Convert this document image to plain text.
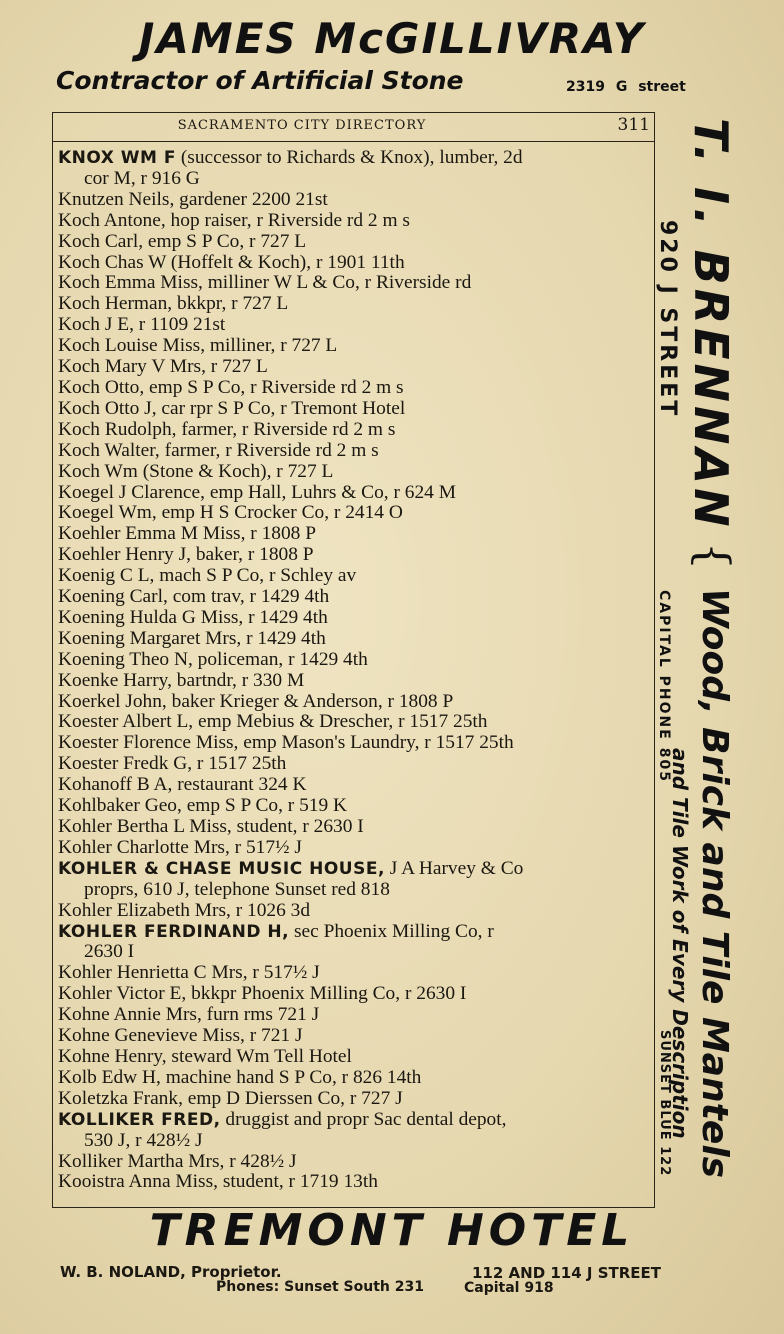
JAMES McGILLIVRAY
Contractor of Artificial Stone	2319 G street
SACRAMENTO CITY DIRECTORY	311
KNOX WM F (successor to Richards & Knox), lumber, 2d
cor M, r 916 G
Knutzen Neils, gardener 2200 21st
Koch Antone, hop raiser, r Riverside rd 2 m s
Koch Carl, emp S P Co, r 727 L
Koch Chas W (Hoffelt & Koch), r 1901 11th
Koch Emma Miss, milliner W L & Co, r Riverside rd
Koch Herman, bkkpr, r 727 L
Koch J E, r 1109 21st
Koch Louise Miss, milliner, r 727 L
Koch Mary V Mrs, r 727 L
Koch Otto, emp S P Co, r Riverside rd 2 m s
Koch Otto J, car rpr S P Co, r Tremont Hotel
Koch Rudolph, farmer, r Riverside rd 2 m s
Koch Walter, farmer, r Riverside rd 2 m s
Koch Wm (Stone & Koch), r 727 L
Koegel J Clarence, emp Hall, Luhrs & Co, r 624 M
Koegel Wm, emp H S Crocker Co, r 2414 O
Koehler Emma M Miss, r 1808 P
Koehler Henry J, baker, r 1808 P
Koenig C L, mach S P Co, r Schley av
Koening Carl, com trav, r 1429 4th
Koening Hulda G Miss, r 1429 4th
Koening Margaret Mrs, r 1429 4th
Koening Theo N, policeman, r 1429 4th
Koenke Harry, bartndr, r 330 M
Koerkel John, baker Krieger & Anderson, r 1808 P
Koester Albert L, emp Mebius & Drescher, r 1517 25th
Koester Florence Miss, emp Mason's Laundry, r 1517 25th
Koester Fredk G, r 1517 25th
Kohanoff B A, restaurant 324 K
Kohlbaker Geo, emp S P Co, r 519 K
Kohler Bertha L Miss, student, r 2630 I
Kohler Charlotte Mrs, r 517½ J
KOHLER & CHASE MUSIC HOUSE, J A Harvey & Co
proprs, 610 J, telephone Sunset red 818
Kohler Elizabeth Mrs, r 1026 3d
KOHLER FERDINAND H, sec Phoenix Milling Co, r
2630 I
Kohler Henrietta C Mrs, r 517½ J
Kohler Victor E, bkkpr Phoenix Milling Co, r 2630 I
Kohne Annie Mrs, furn rms 721 J
Kohne Genevieve Miss, r 721 J
Kohne Henry, steward Wm Tell Hotel
Kolb Edw H, machine hand S P Co, r 826 14th
Koletzka Frank, emp D Dierssen Co, r 727 J
KOLLIKER FRED, druggist and propr Sac dental depot,
530 J, r 428½ J
Kolliker Martha Mrs, r 428½ J
Kooistra Anna Miss, student, r 1719 13th
T. I. BRENNAN
920 J STREET
{
Wood, Brick and Tile Mantels
CAPITAL PHONE 805
and Tile Work of Every Description
SUNSET BLUE 122
TREMONT HOTEL
W. B. NOLAND, Proprietor.
Phones: Sunset South 231
112 AND 114 J STREET
Capital 918
